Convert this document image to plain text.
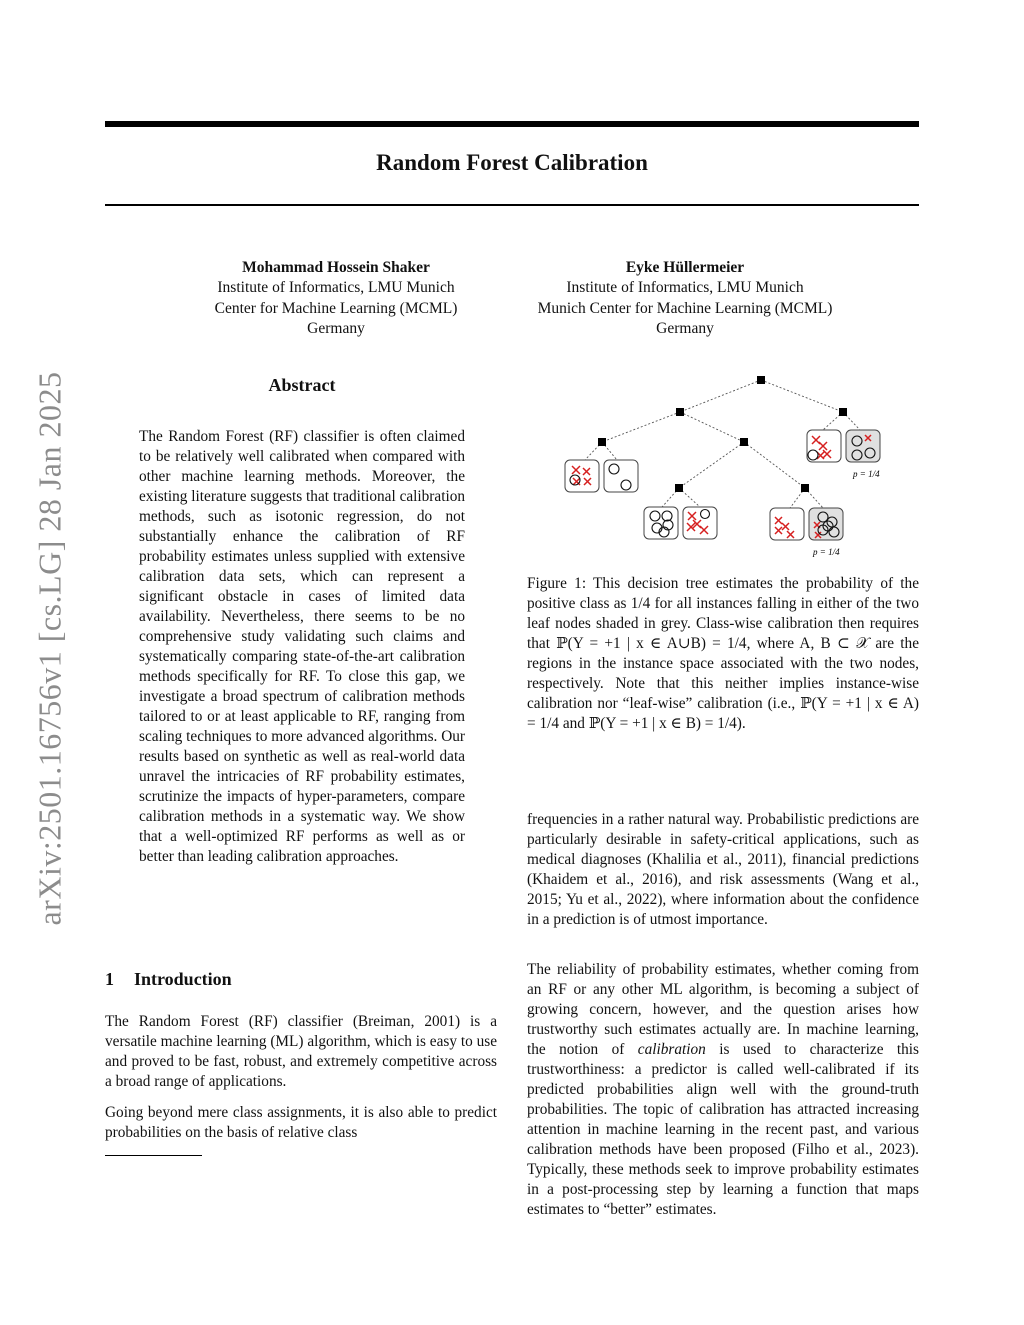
arXiv:2501.16756v1 [cs.LG] 28 Jan 2025
Random Forest Calibration
Mohammad Hossein Shaker
Institute of Informatics, LMU Munich
Center for Machine Learning (MCML)
Germany
Eyke Hüllermeier
Institute of Informatics, LMU Munich
Munich Center for Machine Learning (MCML)
Germany
Abstract
The Random Forest (RF) classifier is often claimed to be relatively well calibrated when compared with other machine learning methods. Moreover, the existing literature suggests that traditional calibration methods, such as isotonic regression, do not substantially enhance the calibration of RF probability estimates unless supplied with extensive calibration data sets, which can represent a significant obstacle in cases of limited data availability. Nevertheless, there seems to be no comprehensive study validating such claims and systematically comparing state-of-the-art calibration methods specifically for RF. To close this gap, we investigate a broad spectrum of calibration methods tailored to or at least applicable to RF, ranging from scaling techniques to more advanced algorithms. Our results based on synthetic as well as real-world data unravel the intricacies of RF probability estimates, scrutinize the impacts of hyper-parameters, compare calibration methods in a systematic way. We show that a well-optimized RF performs as well as or better than leading calibration approaches.
1 Introduction
The Random Forest (RF) classifier (Breiman, 2001) is a versatile machine learning (ML) algorithm, which is easy to use and proved to be fast, robust, and extremely competitive across a broad range of applications.
Going beyond mere class assignments, it is also able to predict probabilities on the basis of relative class
p = 1/4
p = 1/4
Figure 1: This decision tree estimates the probability of the positive class as 1/4 for all instances falling in either of the two leaf nodes shaded in grey. Class-wise calibration then requires that ℙ(Y = +1 | x ∈ A∪B) = 1/4, where A, B ⊂ 𝒳 are the regions in the instance space associated with the two nodes, respectively. Note that this neither implies instance-wise calibration nor “leaf-wise” calibration (i.e., ℙ(Y = +1 | x ∈ A) = 1/4 and ℙ(Y = +1 | x ∈ B) = 1/4).
frequencies in a rather natural way. Probabilistic predictions are particularly desirable in safety-critical applications, such as medical diagnoses (Khalilia et al., 2011), financial predictions (Khaidem et al., 2016), and risk assessments (Wang et al., 2015; Yu et al., 2022), where information about the confidence in a prediction is of utmost importance.
The reliability of probability estimates, whether coming from an RF or any other ML algorithm, is becoming a subject of growing concern, however, and the question arises how trustworthy such estimates actually are. In machine learning, the notion of calibration is used to characterize this trustworthiness: a predictor is called well-calibrated if its predicted probabilities align well with the ground-truth probabilities. The topic of calibration has attracted increasing attention in machine learning in the recent past, and various calibration methods have been proposed (Filho et al., 2023). Typically, these methods seek to improve probability estimates in a post-processing step by learning a function that maps estimates to “better” estimates.
